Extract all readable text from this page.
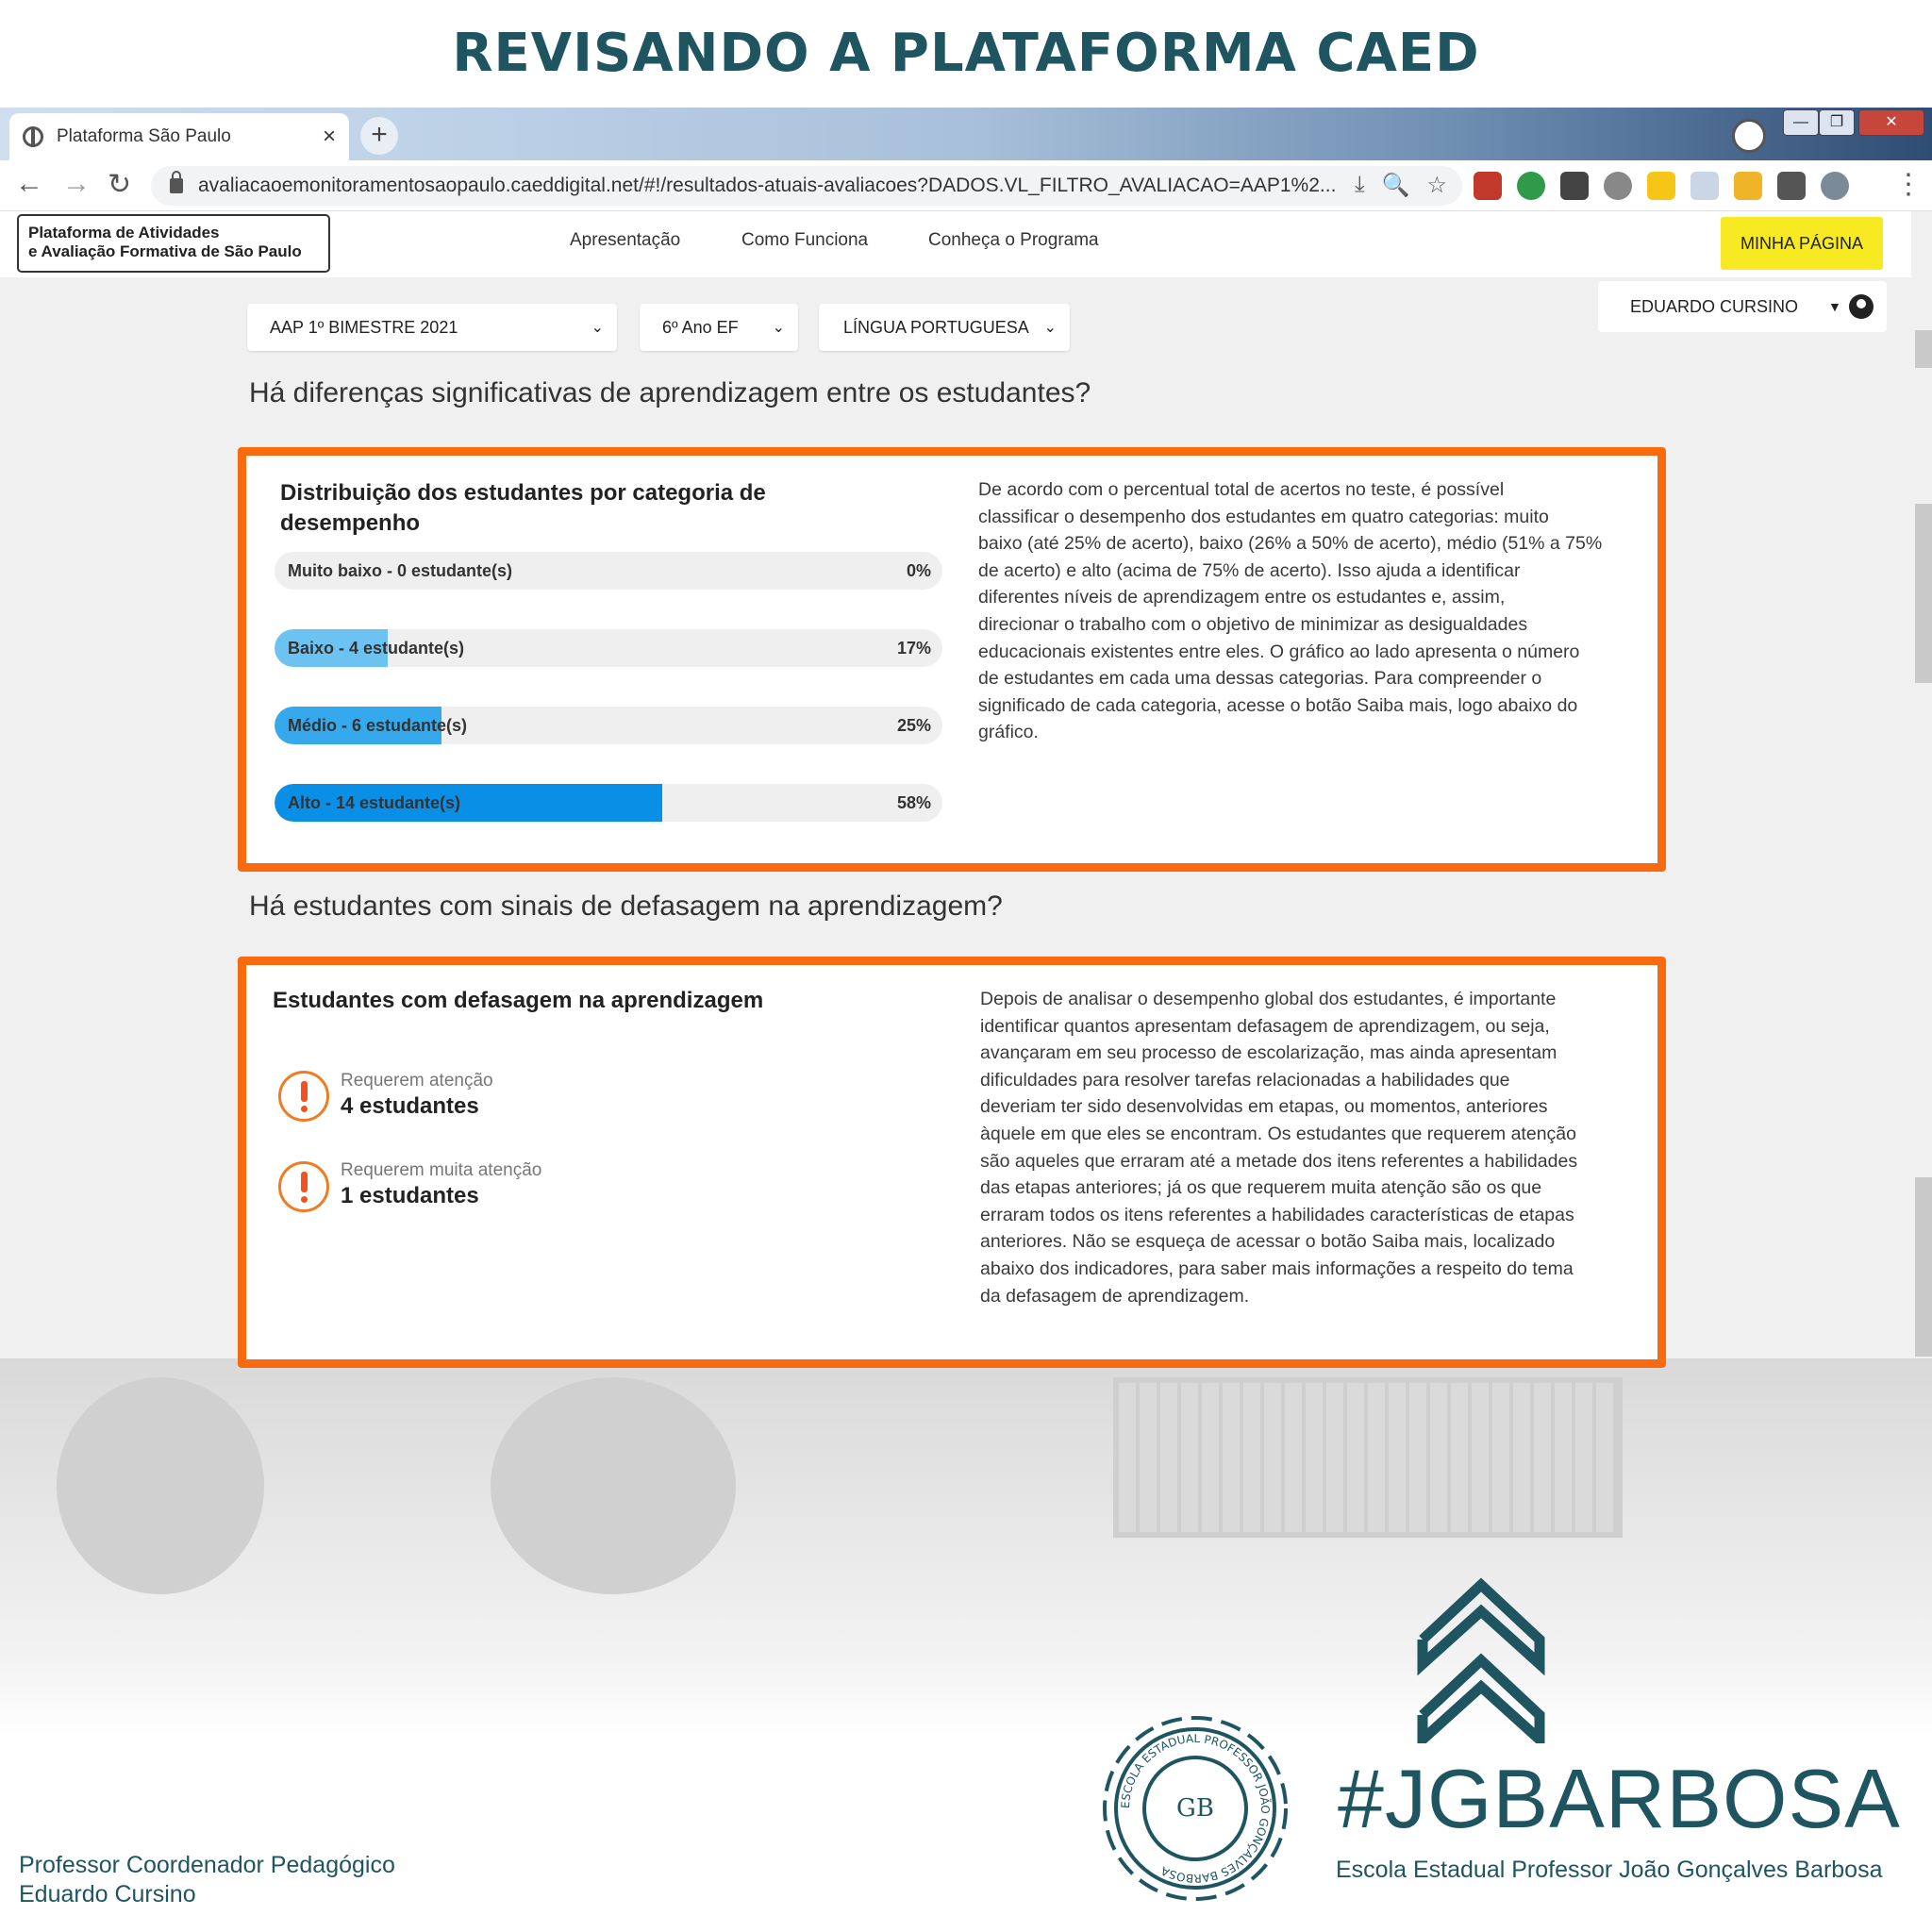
REVISANDO A PLATAFORMA CAED
Plataforma São Paulo	×	+	—	❐	✕
← → ↻	avaliacaoemonitoramentosaopaulo.caeddigital.net/#!/resultados-atuais-avaliacoes?DADOS.VL_FILTRO_AVALIACAO=AAP1%2... ⤓ 🔍 ☆	⋮
Plataforma de Atividades
e Avaliação Formativa de São Paulo
Apresentação	Como Funciona	Conheça o Programa	MINHA PÁGINA
EDUARDO CURSINO ▼
AAP 1º BIMESTRE 2021	⌄	6º Ano EF ⌄	LÍNGUA PORTUGUESA ⌄
Há diferenças significativas de aprendizagem entre os estudantes?
Distribuição dos estudantes por categoria de
desempenho
Muito baixo - 0 estudante(s)	0%
Baixo - 4 estudante(s)	17%
Médio - 6 estudante(s)	25%
Alto - 14 estudante(s)	58%
De acordo com o percentual total de acertos no teste, é possível
classificar o desempenho dos estudantes em quatro categorias: muito
baixo (até 25% de acerto), baixo (26% a 50% de acerto), médio (51% a 75%
de acerto) e alto (acima de 75% de acerto). Isso ajuda a identificar
diferentes níveis de aprendizagem entre os estudantes e, assim,
direcionar o trabalho com o objetivo de minimizar as desigualdades
educacionais existentes entre eles. O gráfico ao lado apresenta o número
de estudantes em cada uma dessas categorias. Para compreender o
significado de cada categoria, acesse o botão Saiba mais, logo abaixo do
gráfico.
Há estudantes com sinais de defasagem na aprendizagem?
Estudantes com defasagem na aprendizagem
Requerem atenção
4 estudantes
Requerem muita atenção
1 estudantes
Depois de analisar o desempenho global dos estudantes, é importante
identificar quantos apresentam defasagem de aprendizagem, ou seja,
avançaram em seu processo de escolarização, mas ainda apresentam
dificuldades para resolver tarefas relacionadas a habilidades que
deveriam ter sido desenvolvidas em etapas, ou momentos, anteriores
àquele em que eles se encontram. Os estudantes que requerem atenção
são aqueles que erraram até a metade dos itens referentes a habilidades
das etapas anteriores; já os que requerem muita atenção são os que
erraram todos os itens referentes a habilidades características de etapas
anteriores. Não se esqueça de acessar o botão Saiba mais, localizado
abaixo dos indicadores, para saber mais informações a respeito do tema
da defasagem de aprendizagem.
Professor Coordenador Pedagógico
Eduardo Cursino
ESCOLA ESTADUAL PROFESSOR JOÃO GONÇALVES BARBOSA
GB #JGBARBOSA
Escola Estadual Professor João Gonçalves Barbosa
